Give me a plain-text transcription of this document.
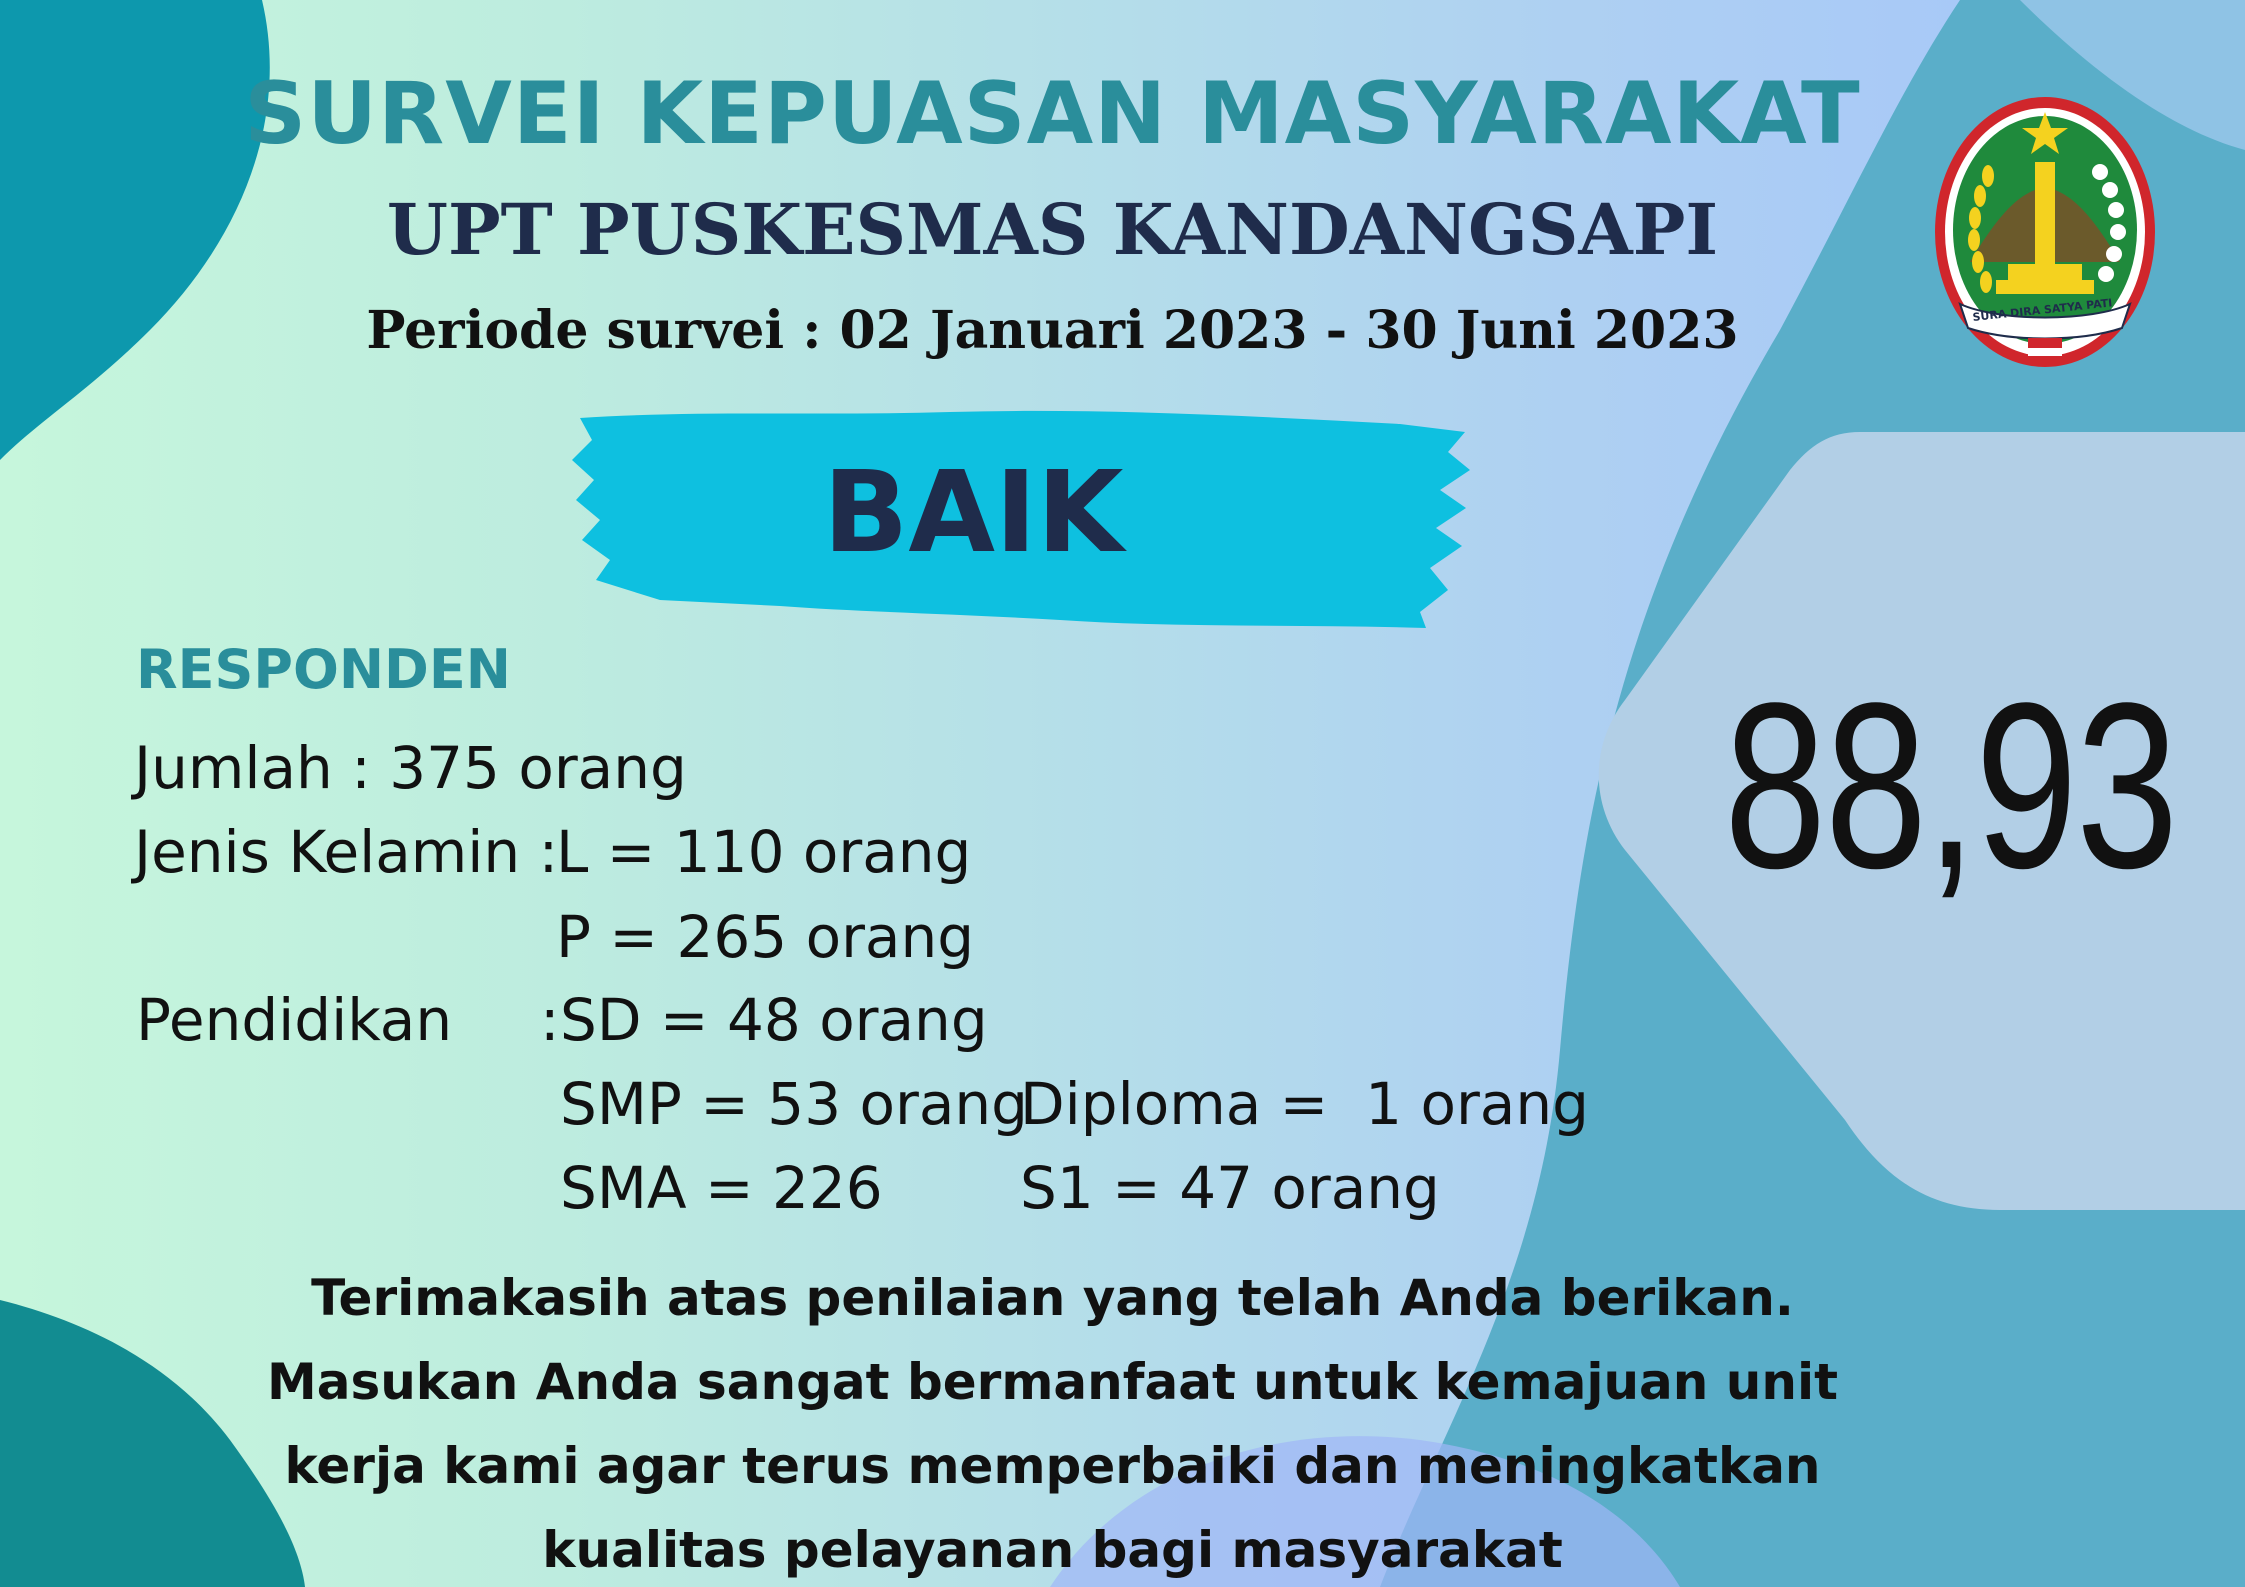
SURVEI KEPUASAN MASYARAKAT
UPT PUSKESMAS KANDANGSAPI

Periode survei : 02 Januari 2023 - 30 Juni 2023	SURA DIRA SATYA PATI
BAIK
88,93
RESPONDEN
Jumlah : 375 orang
Jenis Kelamin :
L = 110 orang
P = 265 orang
Pendidikan : SD = 48 orang
SMP = 53 orang
SMA = 226
Diploma =  1 orang
S1 = 47 orang
Terimakasih atas penilaian yang telah Anda berikan.
Masukan Anda sangat bermanfaat untuk kemajuan unit
kerja kami agar terus memperbaiki dan meningkatkan
kualitas pelayanan bagi masyarakat
